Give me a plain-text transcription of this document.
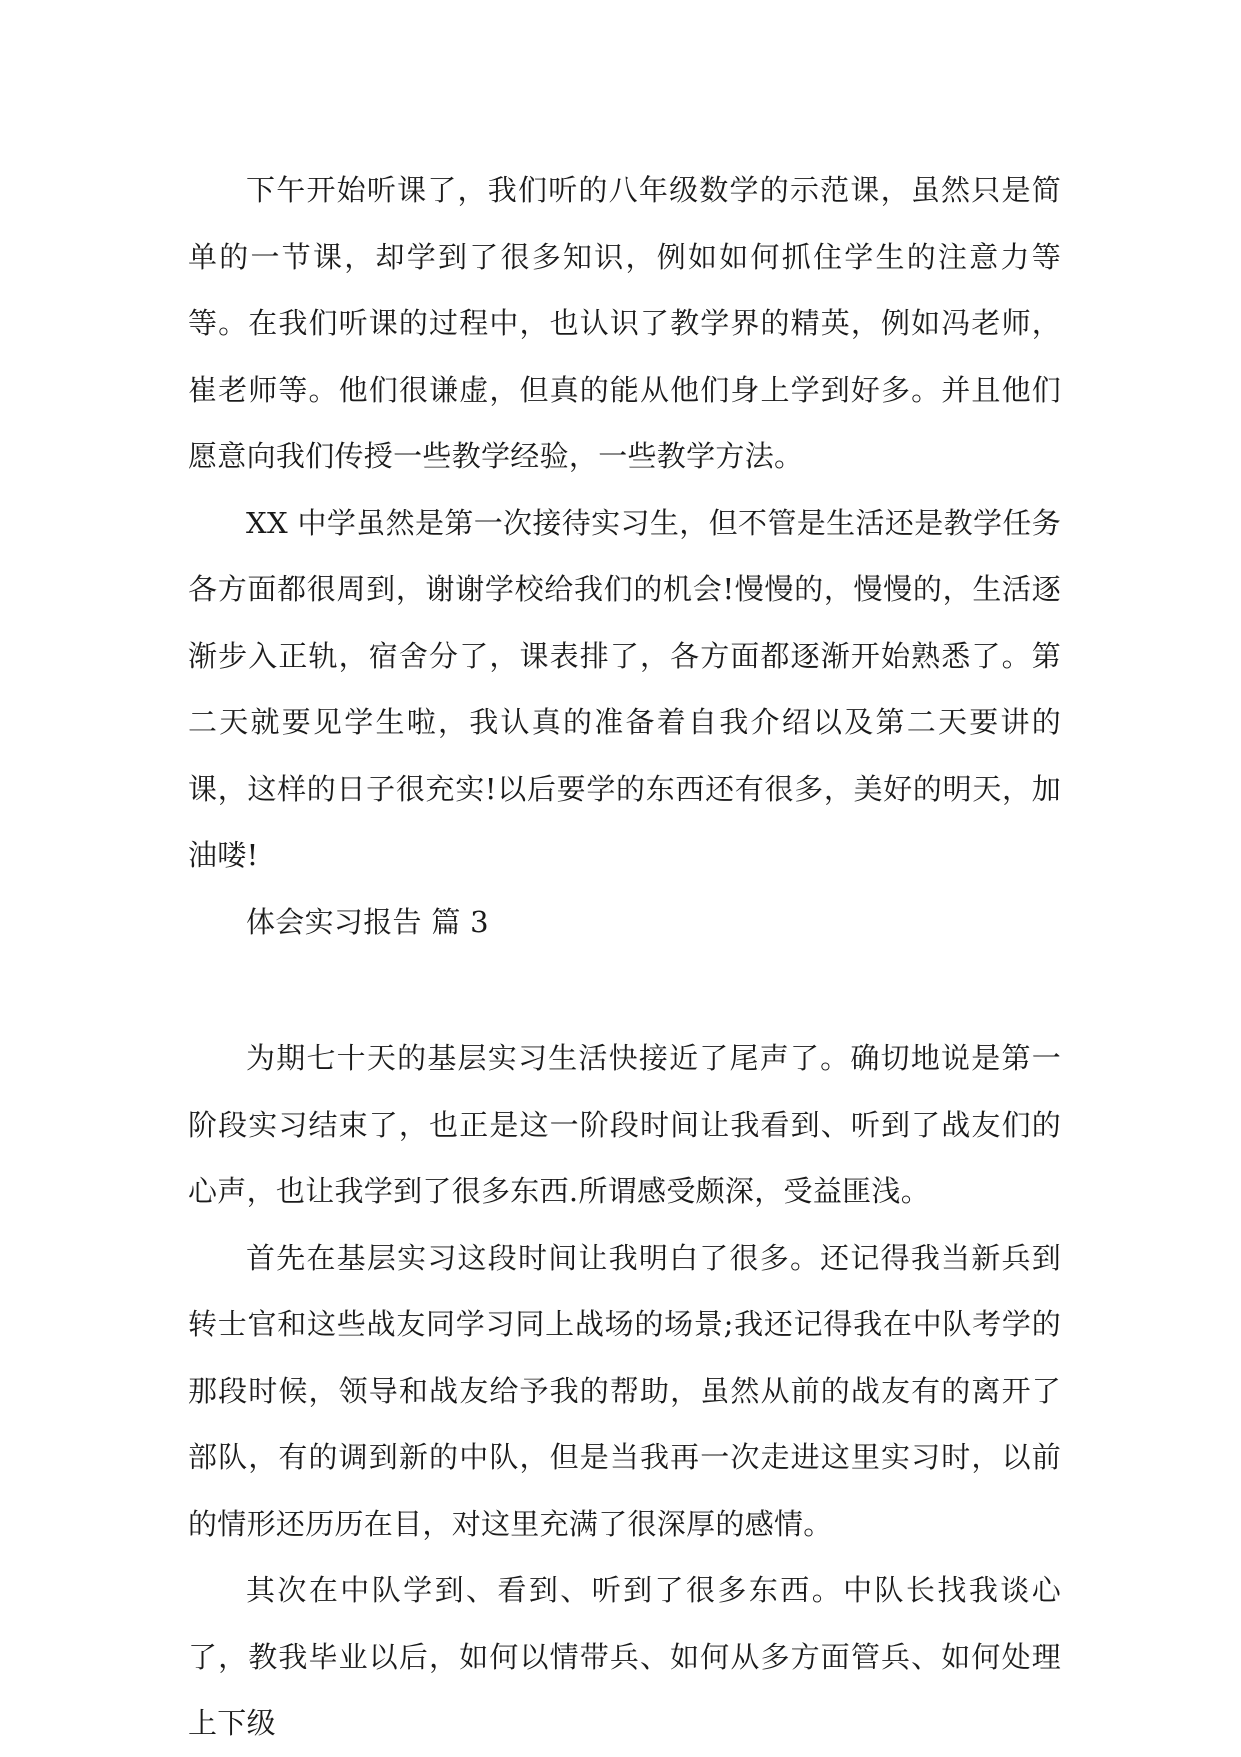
下午开始听课了，我们听的八年级数学的示范课，虽然只是简单的一节课，却学到了很多知识，例如如何抓住学生的注意力等等。在我们听课的过程中，也认识了教学界的精英，例如冯老师，崔老师等。他们很谦虚，但真的能从他们身上学到好多。并且他们愿意向我们传授一些教学经验，一些教学方法。

XX 中学虽然是第一次接待实习生，但不管是生活还是教学任务各方面都很周到，谢谢学校给我们的机会!慢慢的，慢慢的，生活逐渐步入正轨，宿舍分了，课表排了，各方面都逐渐开始熟悉了。第二天就要见学生啦，我认真的准备着自我介绍以及第二天要讲的课，这样的日子很充实!以后要学的东西还有很多，美好的明天，加油喽!

体会实习报告 篇 3

为期七十天的基层实习生活快接近了尾声了。确切地说是第一阶段实习结束了，也正是这一阶段时间让我看到、听到了战友们的心声，也让我学到了很多东西.所谓感受颇深，受益匪浅。

首先在基层实习这段时间让我明白了很多。还记得我当新兵到转士官和这些战友同学习同上战场的场景;我还记得我在中队考学的那段时候，领导和战友给予我的帮助，虽然从前的战友有的离开了部队，有的调到新的中队，但是当我再一次走进这里实习时，以前的情形还历历在目，对这里充满了很深厚的感情。

其次在中队学到、看到、听到了很多东西。中队长找我谈心了，教我毕业以后，如何以情带兵、如何从多方面管兵、如何处理上下级
